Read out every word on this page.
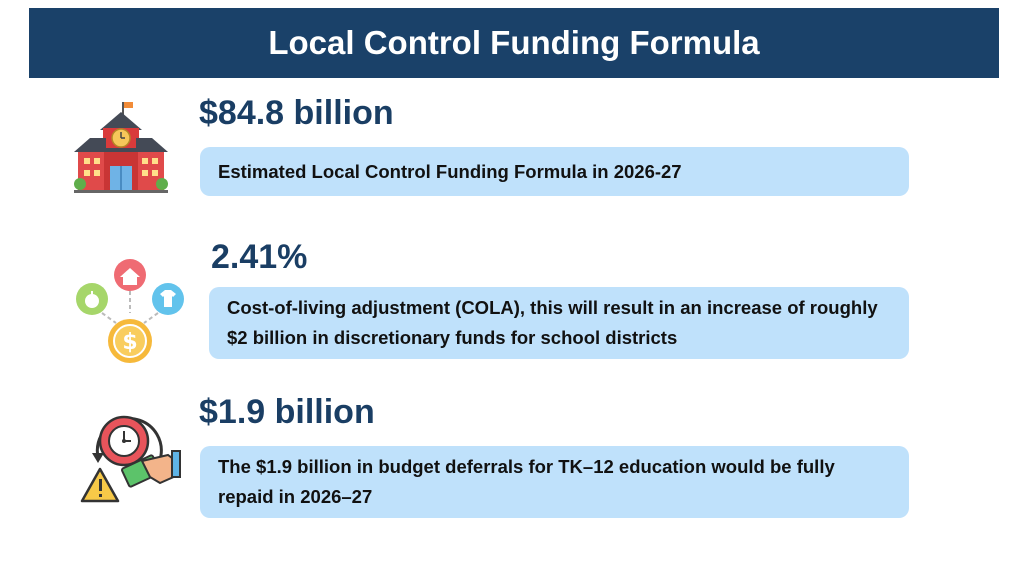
Local Control Funding Formula
$84.8 billion
Estimated Local Control Funding Formula in 2026-27
$
2.41%
Cost-of-living adjustment (COLA), this will result in an increase of roughly $2 billion in discretionary funds for school districts
$1.9 billion
The $1.9 billion in budget deferrals for TK–12 education would be fully repaid in 2026–27
